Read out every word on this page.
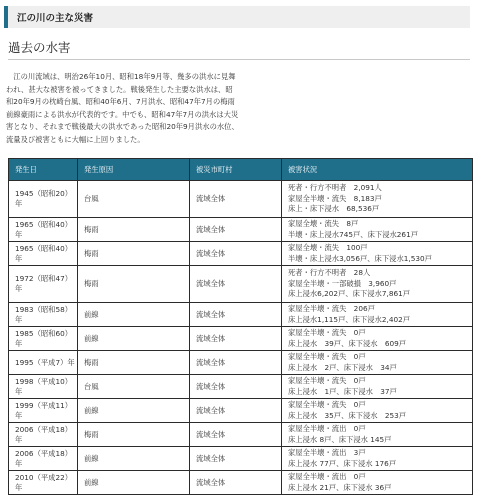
江の川の主な災害
過去の水害
　江の川流域は、明治26年10月、昭和18年9月等、幾多の洪水に見舞
われ、甚大な被害を被ってきました。戦後発生した主要な洪水は、昭
和20年9月の枕崎台風、昭和40年6月、7月洪水、昭和47年7月の梅雨
前線豪雨による洪水が代表的です。中でも、昭和47年7月の洪水は大災
害となり、それまで戦後最大の洪水であった昭和20年9月洪水の水位、
流量及び被害ともに大幅に上回りました。
発生日	発生原因	被災市町村	被害状況
1945（昭和20）年	台風	流域全体	死者・行方不明者　2,091人
家屋全半壊・流失　8,183戸
床上・床下浸水　68,536戸

1965（昭和40）年	梅雨	流域全体	家屋全壊・流失　8戸
半壊・床上浸水745戸、床下浸水261戸

1965（昭和40）年	梅雨	流域全体	家屋全壊・流失　100戸
半壊・床上浸水3,056戸、床下浸水1,530戸

1972（昭和47）年	梅雨	流域全体	死者・行方不明者　28人
家屋全半壊・一部破損　3,960戸
床上浸水6,202戸、床下浸水7,861戸

1983（昭和58）年	前線	流域全体	家屋全半壊・流失　206戸
床上浸水1,115戸、床下浸水2,402戸

1985（昭和60）年	前線	流域全体	家屋全半壊・流失　0戸
床上浸水　39戸、床下浸水　609戸

1995（平成7）年	梅雨	流域全体	家屋全半壊・流失　0戸
床上浸水　2戸、床下浸水　34戸

1998（平成10）年	台風	流域全体	家屋全半壊・流失　0戸
床上浸水　1戸、床下浸水　37戸

1999（平成11）年	前線	流域全体	家屋全半壊・流失　0戸
床上浸水　35戸、床下浸水　253戸

2006（平成18）年	梅雨	流域全体	家屋全半壊・流出　0戸
床上浸水 8戸、床下浸水 145戸

2006（平成18）年	前線	流域全体	家屋全半壊・流出　3戸
床上浸水 77戸、床下浸水 176戸

2010（平成22）年	前線	流域全体	家屋全半壊・流出　0戸
床上浸水 21戸、床下浸水 36戸
